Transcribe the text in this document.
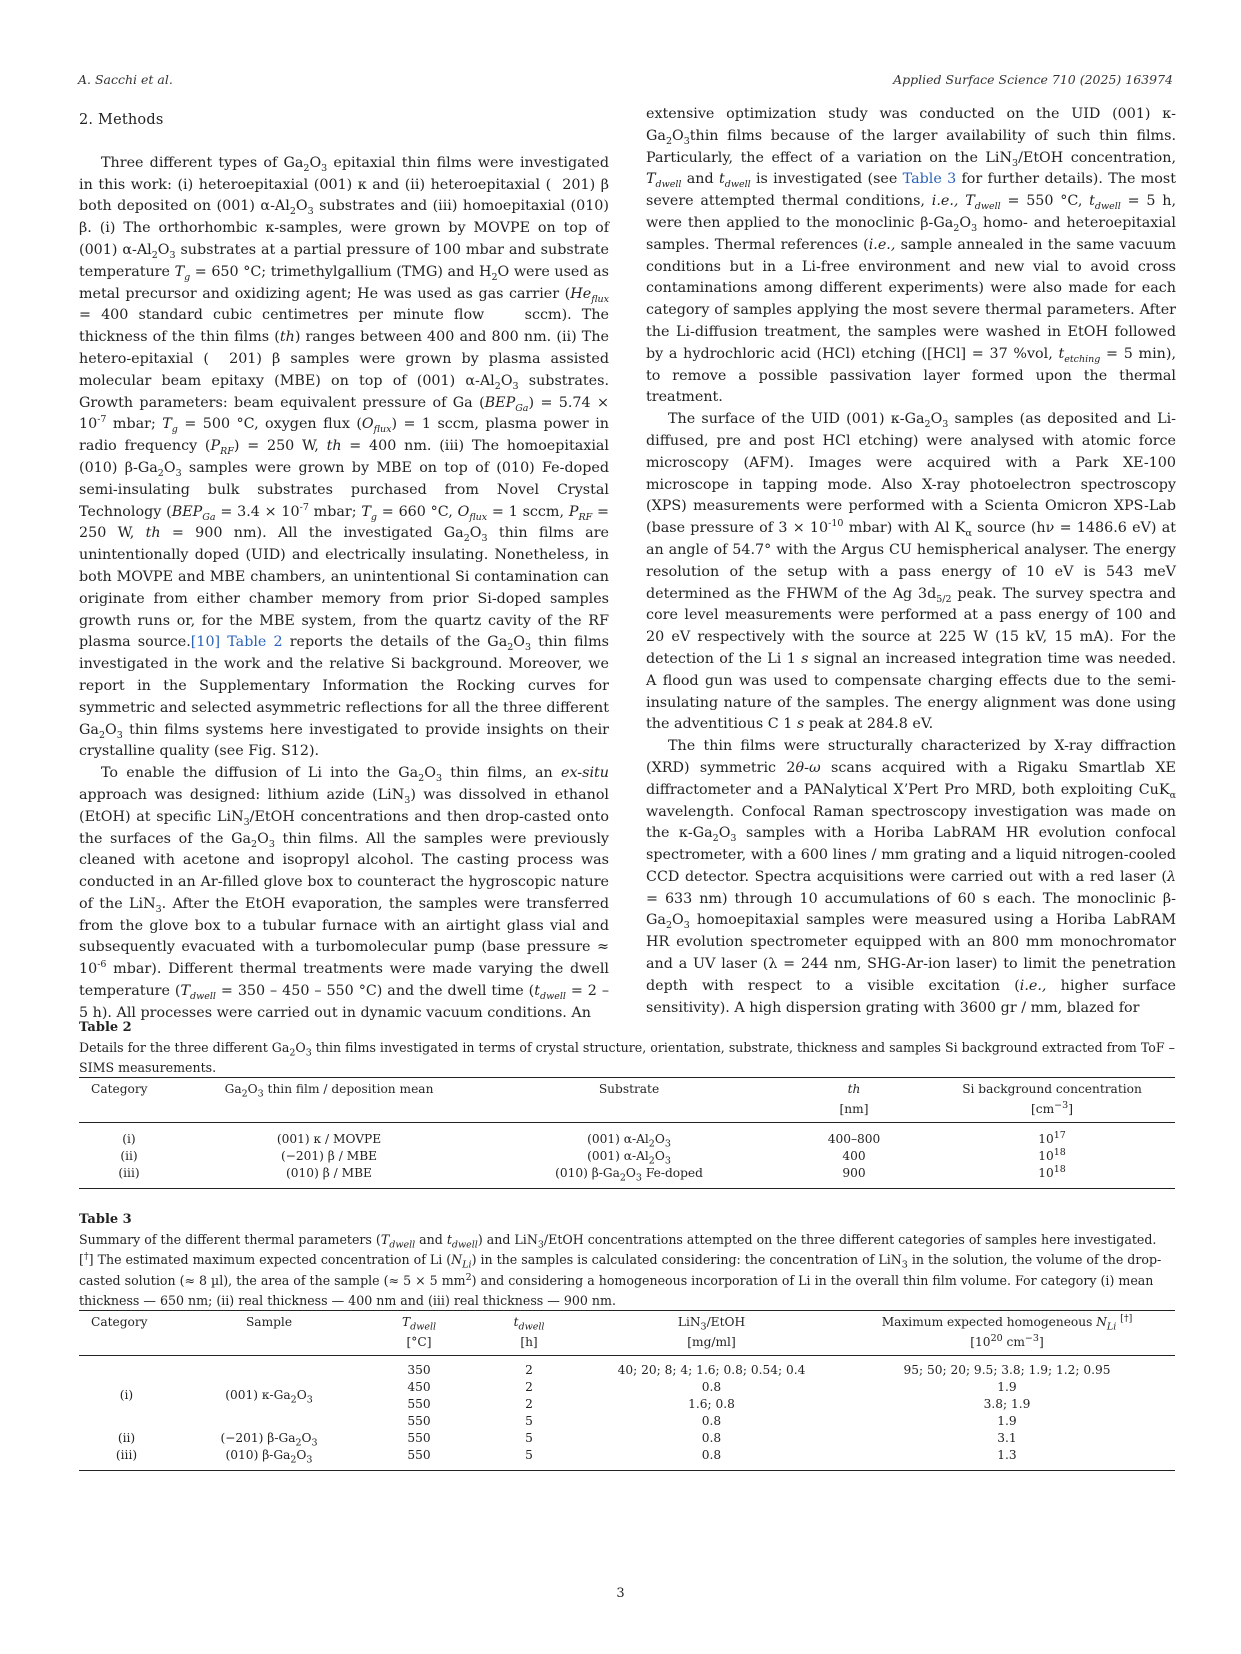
A. Sacchi et al.	Applied Surface Science 710 (2025) 163974
2. Methods

Three different types of $Ga_2O_3$ epitaxial thin films were investigated in this work: (i) heteroepitaxial (001) κ and (ii) heteroepitaxial (  201) β both deposited on (001) $\alpha-Al_2O_3$ substrates and (iii) homoepitaxial (010) β. (i) The orthorhombic κ-samples, were grown by MOVPE on top of (001) $\alpha-Al_2O_3$ substrates at a partial pressure of 100 mbar and substrate temperature $T_g = 650$ °C; trimethylgallium (TMG) and $H_2O$ were used as metal precursor and oxidizing agent; He was used as gas carrier ($He_{flux} = 400$ standard cubic centimetres per minute flow    sccm). The thickness of the thin films (th) ranges between 400 and 800 nm. (ii) The hetero-epitaxial (  201) β samples were grown by plasma assisted molecular beam epitaxy (MBE) on top of (001) $\alpha-Al_2O_3$ substrates. Growth parameters: beam equivalent pressure of Ga $(BEP_{Ga}) = 5.74 \times 10^{-7}$ mbar; $T_g = 500$ °C, oxygen flux $(O_{flux}) = 1$ sccm, plasma power in radio frequency $(P_{RF}) = 250$ W, th = 400 nm. (iii) The homoepitaxial (010) $\beta-Ga_2O_3$ samples were grown by MBE on top of (010) Fe-doped semi-insulating bulk substrates purchased from Novel Crystal Technology ($BEP_{Ga} = 3.4 \times 10^{-7}$ mbar; $T_g = 660$ °C, $O_{flux} = 1$ sccm, $P_{RF} = 250$ W, th = 900 nm). All the investigated $Ga_2O_3$ thin films are unintentionally doped (UID) and electrically insulating. Nonetheless, in both MOVPE and MBE chambers, an unintentional Si contamination can originate from either chamber memory from prior Si-doped samples growth runs or, for the MBE system, from the quartz cavity of the RF plasma source.[10] Table 2 reports the details of the $Ga_2O_3$ thin films investigated in the work and the relative Si background. Moreover, we report in the Supplementary Information the Rocking curves for symmetric and selected asymmetric reflections for all the three different $Ga_2O_3$ thin films systems here investigated to provide insights on their crystalline quality (see Fig. S12).

To enable the diffusion of Li into the $Ga_2O_3$ thin films, an ex-situ approach was designed: lithium azide (LiN$_3$) was dissolved in ethanol (EtOH) at specific LiN$_3$/EtOH concentrations and then drop-casted onto the surfaces of the $Ga_2O_3$ thin films. All the samples were previously cleaned with acetone and isopropyl alcohol. The casting process was conducted in an Ar-filled glove box to counteract the hygroscopic nature of the LiN$_3$. After the EtOH evaporation, the samples were transferred from the glove box to a tubular furnace with an airtight glass vial and subsequently evacuated with a turbomolecular pump (base pressure ≈ $10^{-6}$ mbar). Different thermal treatments were made varying the dwell temperature ($T_{dwell} = 350 - 450 - 550$ °C) and the dwell time ($t_{dwell} = 2 - 5$ h). All processes were carried out in dynamic vacuum conditions. An

extensive optimization study was conducted on the UID (001) $\kappa-Ga_2O_3thin$ films because of the larger availability of such thin films. Particularly, the effect of a variation on the LiN$_3$/EtOH concentration, $T_{dwell}$ and $t_{dwell}$ is investigated (see Table 3 for further details). The most severe attempted thermal conditions, i.e., $T_{dwell} = 550$ °C, $t_{dwell} = 5$ h, were then applied to the monoclinic $\beta-Ga_2O_3$ homo- and heteroepitaxial samples. Thermal references (i.e., sample annealed in the same vacuum conditions but in a Li-free environment and new vial to avoid cross contaminations among different experiments) were also made for each category of samples applying the most severe thermal parameters. After the Li-diffusion treatment, the samples were washed in EtOH followed by a hydrochloric acid (HCl) etching ([HCl] = 37 %vol, $t_{etching} = 5$ min), to remove a possible passivation layer formed upon the thermal treatment.

The surface of the UID (001) $\kappa-Ga_2O_3$ samples (as deposited and Li-diffused, pre and post HCl etching) were analysed with atomic force microscopy (AFM). Images were acquired with a Park XE-100 microscope in tapping mode. Also X-ray photoelectron spectroscopy (XPS) measurements were performed with a Scienta Omicron XPS-Lab (base pressure of $3 \times 10^{-10}$ mbar) with Al $K_\alpha$ source (hν = 1486.6 eV) at an angle of 54.7° with the Argus CU hemispherical analyser. The energy resolution of the setup with a pass energy of 10 eV is 543 meV determined as the FHWM of the Ag $3d_{5/2}$ peak. The survey spectra and core level measurements were performed at a pass energy of 100 and 20 eV respectively with the source at 225 W (15 kV, 15 mA). For the detection of the Li 1 s signal an increased integration time was needed. A flood gun was used to compensate charging effects due to the semi-insulating nature of the samples. The energy alignment was done using the adventitious C 1 s peak at 284.8 eV.

The thin films were structurally characterized by X-ray diffraction (XRD) symmetric 2θ-ω scans acquired with a Rigaku Smartlab XE diffractometer and a PANalytical X’Pert Pro MRD, both exploiting CuK$_\alpha$ wavelength. Confocal Raman spectroscopy investigation was made on the $\kappa-Ga_2O_3$ samples with a Horiba LabRAM HR evolution confocal spectrometer, with a 600 lines / mm grating and a liquid nitrogen-cooled CCD detector. Spectra acquisitions were carried out with a red laser (λ = 633 nm) through 10 accumulations of 60 s each. The monoclinic $\beta-Ga_2O_3$ homoepitaxial samples were measured using a Horiba LabRAM HR evolution spectrometer equipped with an 800 mm monochromator and a UV laser (λ = 244 nm, SHG-Ar-ion laser) to limit the penetration depth with respect to a visible excitation (i.e., higher surface sensitivity). A high dispersion grating with 3600 gr / mm, blazed for

Table 2
Details for the three different $Ga_2O_3$ thin films investigated in terms of crystal structure, orientation, substrate, thickness and samples Si background extracted from ToF – SIMS measurements.
Category	$Ga_2O_3$ thin film / deposition mean	Substrate	th	Si background concentration
			[nm]	$[cm^{-3}]$

(i)	(001) κ / MOVPE	(001) $\alpha-Al_2O_3$	400–800	$10^{17}$
(ii)	(−201) β / MBE	(001) $\alpha-Al_2O_3$	400	$10^{18}$
(iii)	(010) β / MBE	(010) $\beta-Ga_2O_3$ Fe-doped	900	$10^{18}$
Table 3
Summary of the different thermal parameters ($T_{dwell}$ and $t_{dwell}$) and LiN$_3$/EtOH concentrations attempted on the three different categories of samples here investigated. [†] The estimated maximum expected concentration of Li $(N_{Li})$ in the samples is calculated considering: the concentration of LiN$_3$ in the solution, the volume of the drop-casted solution (≈ 8 µl), the area of the sample (≈ 5 × 5 $mm^2$) and considering a homogeneous incorporation of Li in the overall thin film volume. For category (i) mean thickness — 650 nm; (ii) real thickness — 400 nm and (iii) real thickness — 900 nm.
Category	Sample	$T_{dwell}$	$t_{dwell}$	LiN$_3$/EtOH	Maximum expected homogeneous $N_{Li}$ [†]
		[°C]	[h]	[mg/ml]	[$10^{20}$ $cm^{-3}$]

(i)	(001) $\kappa-Ga_2O_3$	350	2	40; 20; 8; 4; 1.6; 0.8; 0.54; 0.4	95; 50; 20; 9.5; 3.8; 1.9; 1.2; 0.95
		450	2	0.8	1.9
		550	2	1.6; 0.8	3.8; 1.9
		550	5	0.8	1.9
(ii)	(−201) $\beta-Ga_2O_3$	550	5	0.8	3.1
(iii)	(010) $\beta-Ga_2O_3$	550	5	0.8	1.3
3
